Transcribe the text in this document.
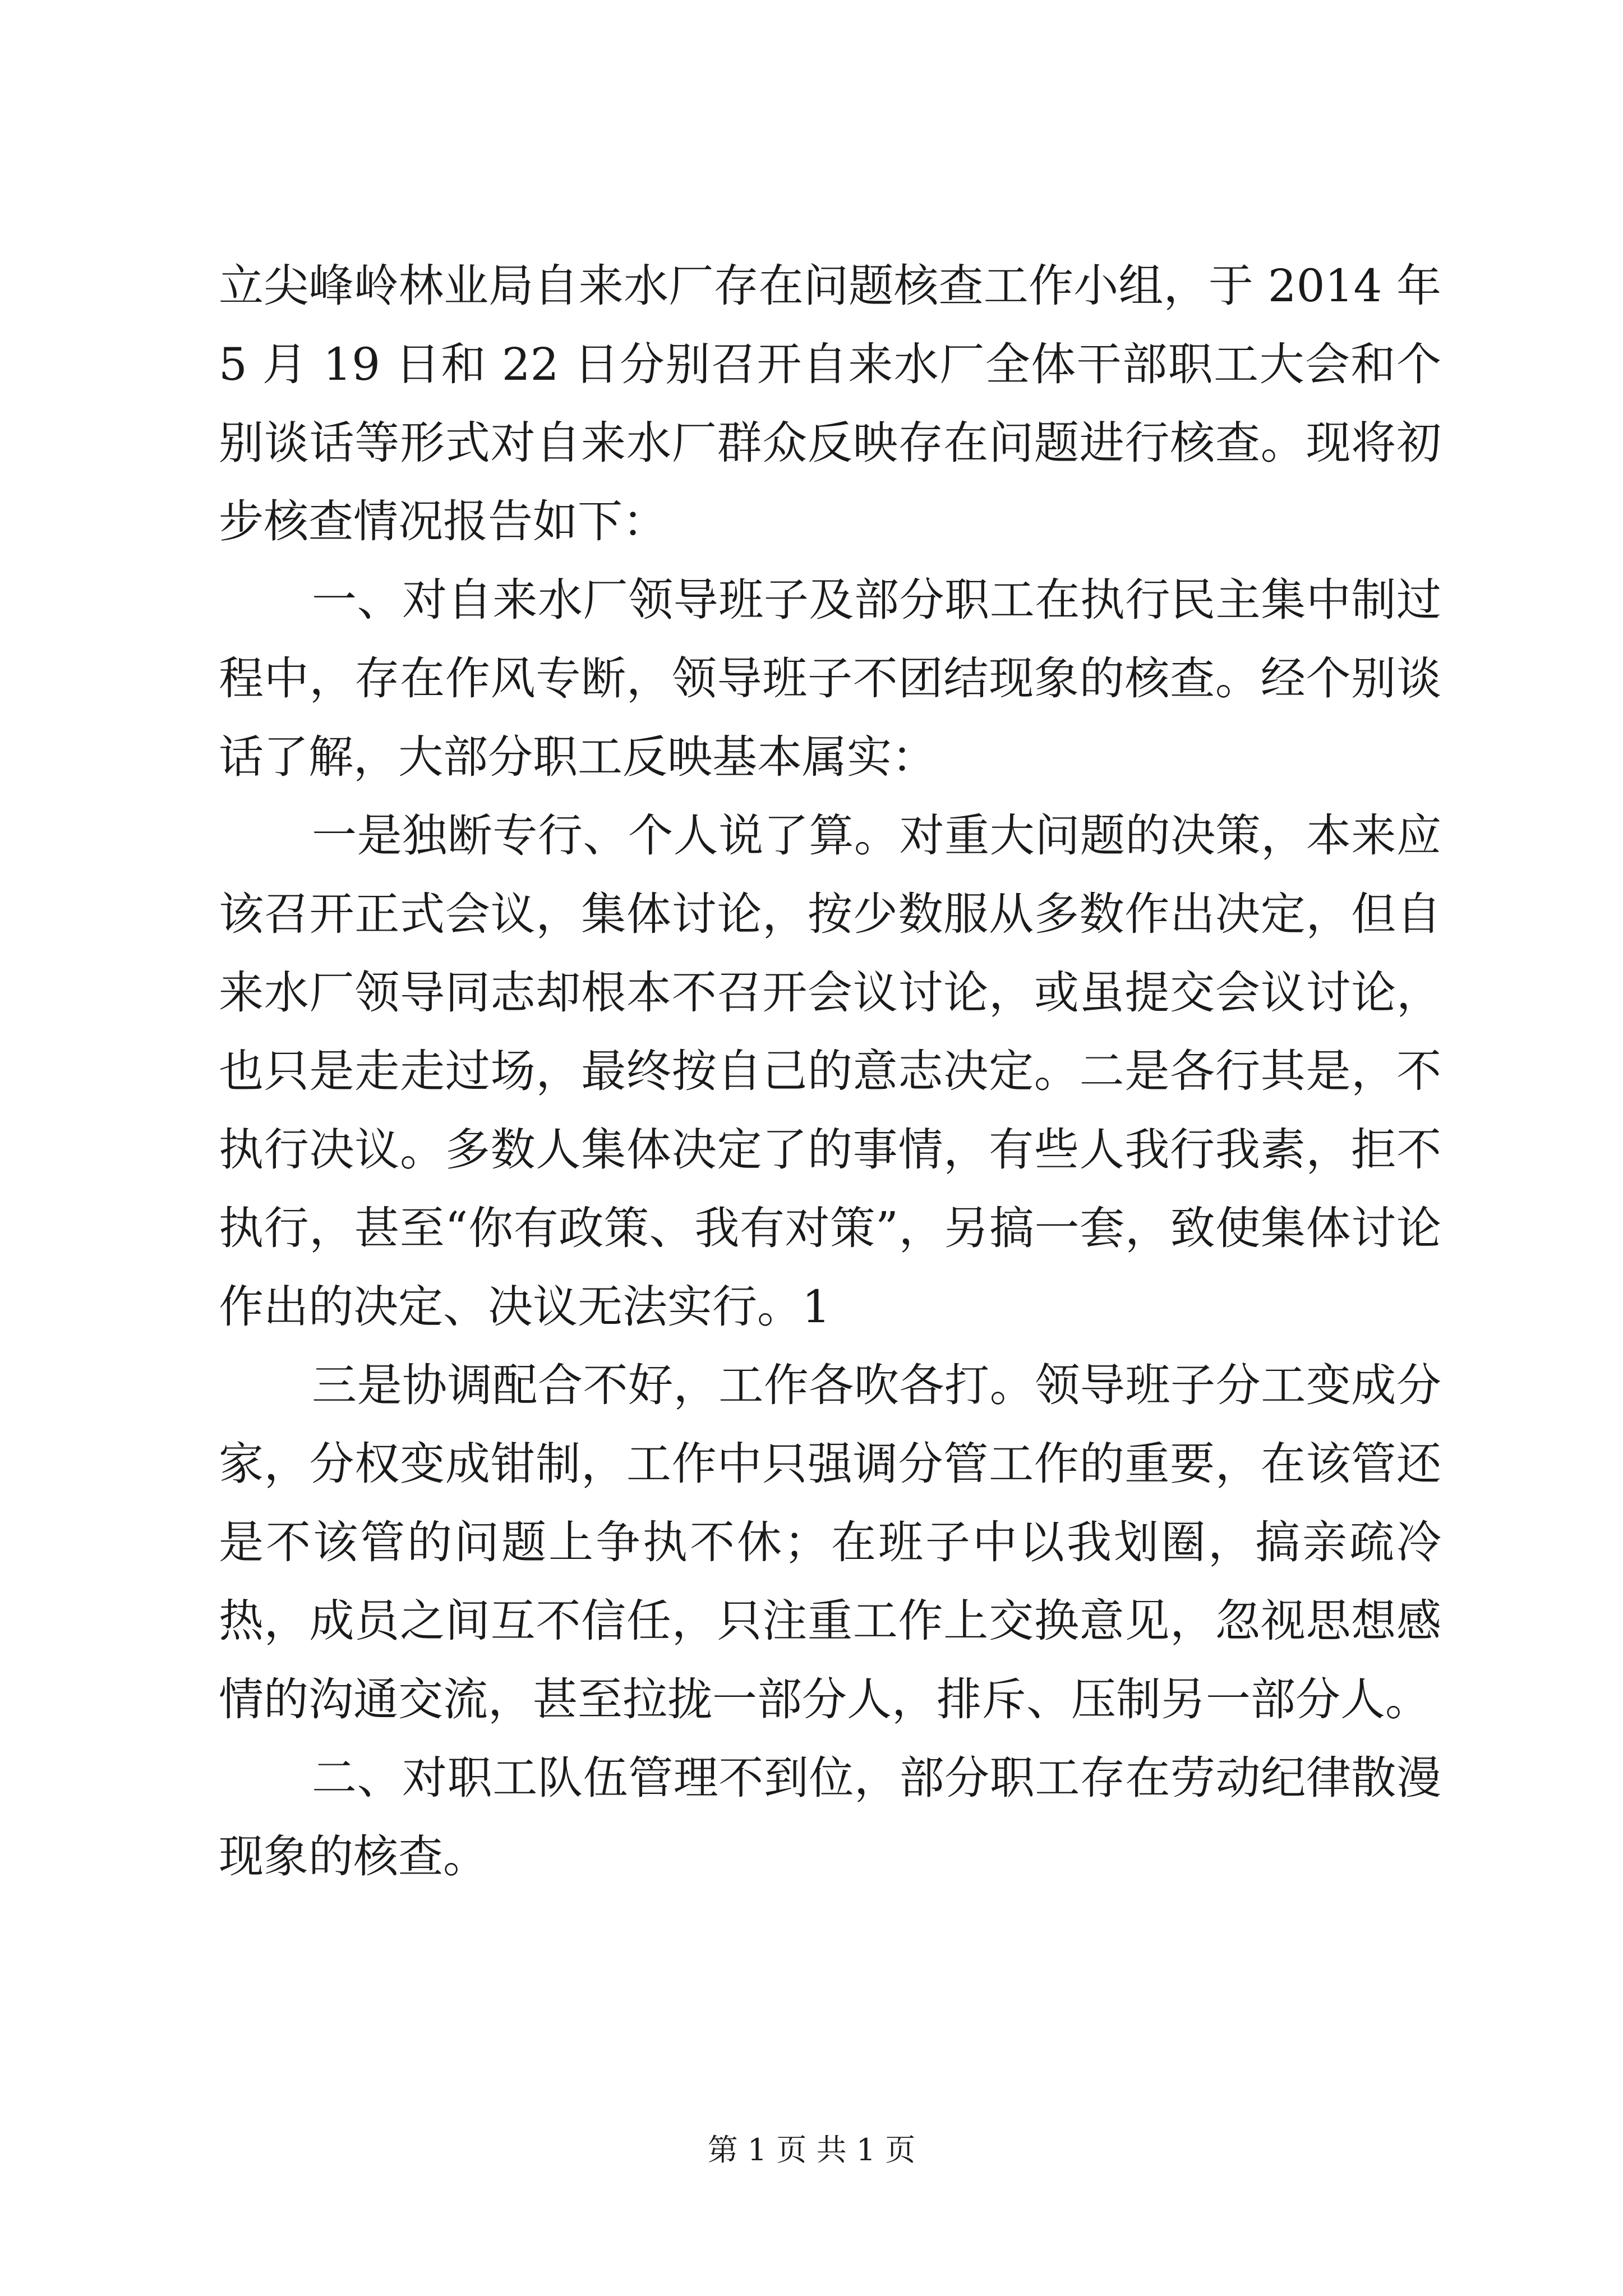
立尖峰岭林业局自来水厂存在问题核查工作小组，于 2014 年 5 月 19 日和 22 日分别召开自来水厂全体干部职工大会和个别谈话等形式对自来水厂群众反映存在问题进行核查。现将初步核查情况报告如下：

一、对自来水厂领导班子及部分职工在执行民主集中制过程中，存在作风专断，领导班子不团结现象的核查。经个别谈话了解，大部分职工反映基本属实：

一是独断专行、个人说了算。对重大问题的决策，本来应该召开正式会议，集体讨论，按少数服从多数作出决定，但自来水厂领导同志却根本不召开会议讨论，或虽提交会议讨论，也只是走走过场，最终按自己的意志决定。二是各行其是，不执行决议。多数人集体决定了的事情，有些人我行我素，拒不执行，甚至“你有政策、我有对策”，另搞一套，致使集体讨论作出的决定、决议无法实行。1

三是协调配合不好，工作各吹各打。领导班子分工变成分家，分权变成钳制，工作中只强调分管工作的重要，在该管还是不该管的问题上争执不休；在班子中以我划圈，搞亲疏冷热，成员之间互不信任，只注重工作上交换意见，忽视思想感情的沟通交流，甚至拉拢一部分人，排斥、压制另一部分人。

二、对职工队伍管理不到位，部分职工存在劳动纪律散漫现象的核查。

第 1 页 共 1 页
